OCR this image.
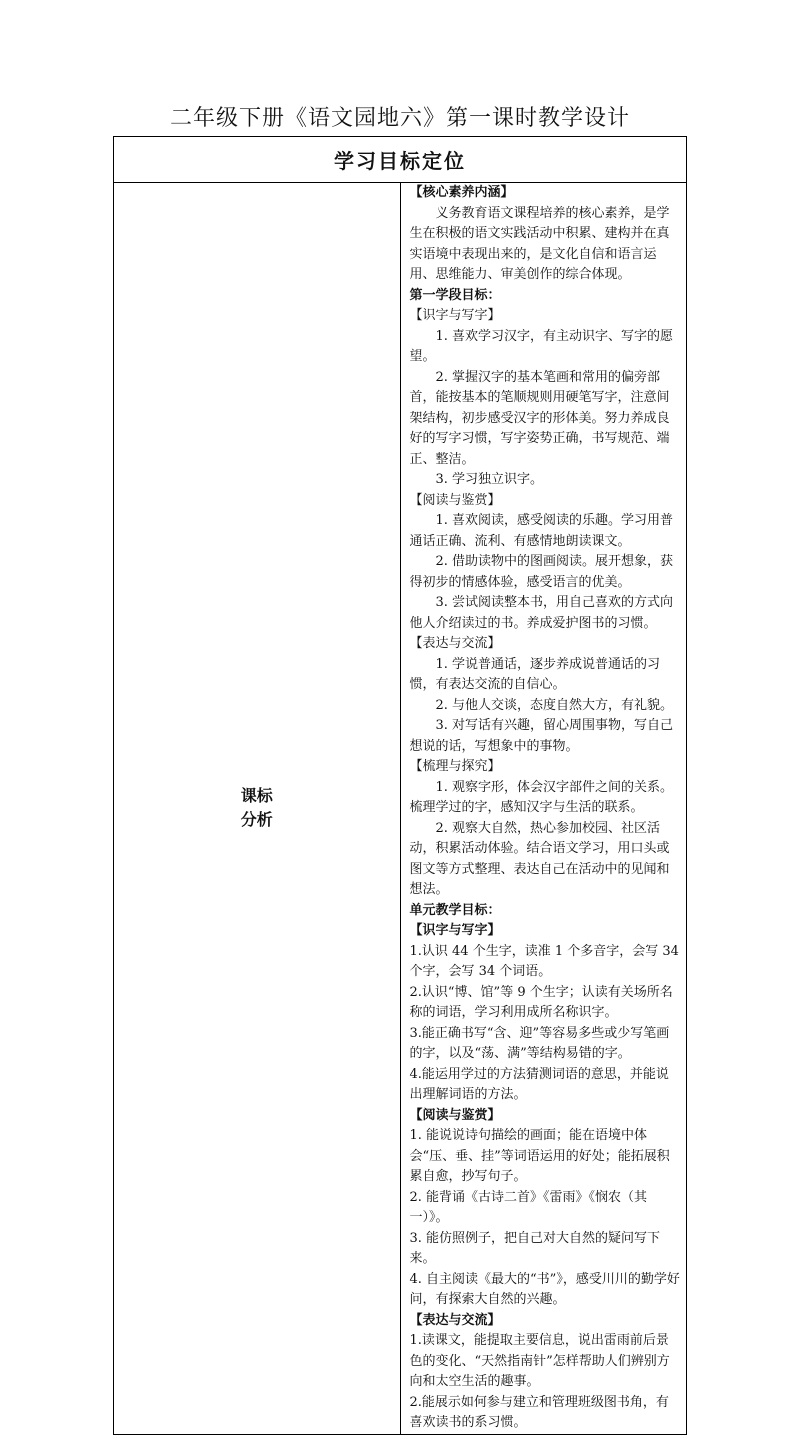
二年级下册《语文园地六》第一课时教学设计
学习目标定位

课标
分析

【核心素养内涵】
义务教育语文课程培养的核心素养，是学生在积极的语文实践活动中积累、建构并在真实语境中表现出来的，是文化自信和语言运用、思维能力、审美创作的综合体现。
第一学段目标：
【识字与写字】
1. 喜欢学习汉字，有主动识字、写字的愿望。
2. 掌握汉字的基本笔画和常用的偏旁部首，能按基本的笔顺规则用硬笔写字，注意间架结构，初步感受汉字的形体美。努力养成良好的写字习惯，写字姿势正确，书写规范、端正、整洁。
3. 学习独立识字。
【阅读与鉴赏】
1. 喜欢阅读，感受阅读的乐趣。学习用普通话正确、流利、有感情地朗读课文。
2. 借助读物中的图画阅读。展开想象，获得初步的情感体验，感受语言的优美。
3. 尝试阅读整本书，用自己喜欢的方式向他人介绍读过的书。养成爱护图书的习惯。
【表达与交流】
1. 学说普通话，逐步养成说普通话的习惯，有表达交流的自信心。
2. 与他人交谈，态度自然大方，有礼貌。
3. 对写话有兴趣，留心周围事物，写自己想说的话，写想象中的事物。
【梳理与探究】
1. 观察字形，体会汉字部件之间的关系。梳理学过的字，感知汉字与生活的联系。
2. 观察大自然，热心参加校园、社区活动，积累活动体验。结合语文学习，用口头或图文等方式整理、表达自己在活动中的见闻和想法。
单元教学目标：
【识字与写字】
1.认识 44 个生字，读准 1 个多音字，会写 34 个字，会写 34 个词语。
2.认识“博、馆”等 9 个生字；认读有关场所名称的词语，学习利用成所名称识字。
3.能正确书写“含、迎”等容易多些或少写笔画的字，以及“荡、满”等结构易错的字。
4.能运用学过的方法猜测词语的意思，并能说出理解词语的方法。
【阅读与鉴赏】
1. 能说说诗句描绘的画面；能在语境中体会“压、垂、挂”等词语运用的好处；能拓展积累自愈，抄写句子。
2. 能背诵《古诗二首》《雷雨》《悯农（其一）》。
3. 能仿照例子，把自己对大自然的疑问写下来。
4. 自主阅读《最大的“书”》，感受川川的勤学好问，有探索大自然的兴趣。
【表达与交流】
1.读课文，能提取主要信息，说出雷雨前后景色的变化、“天然指南针”怎样帮助人们辨别方向和太空生活的趣事。
2.能展示如何参与建立和管理班级图书角，有喜欢读书的系习惯。
